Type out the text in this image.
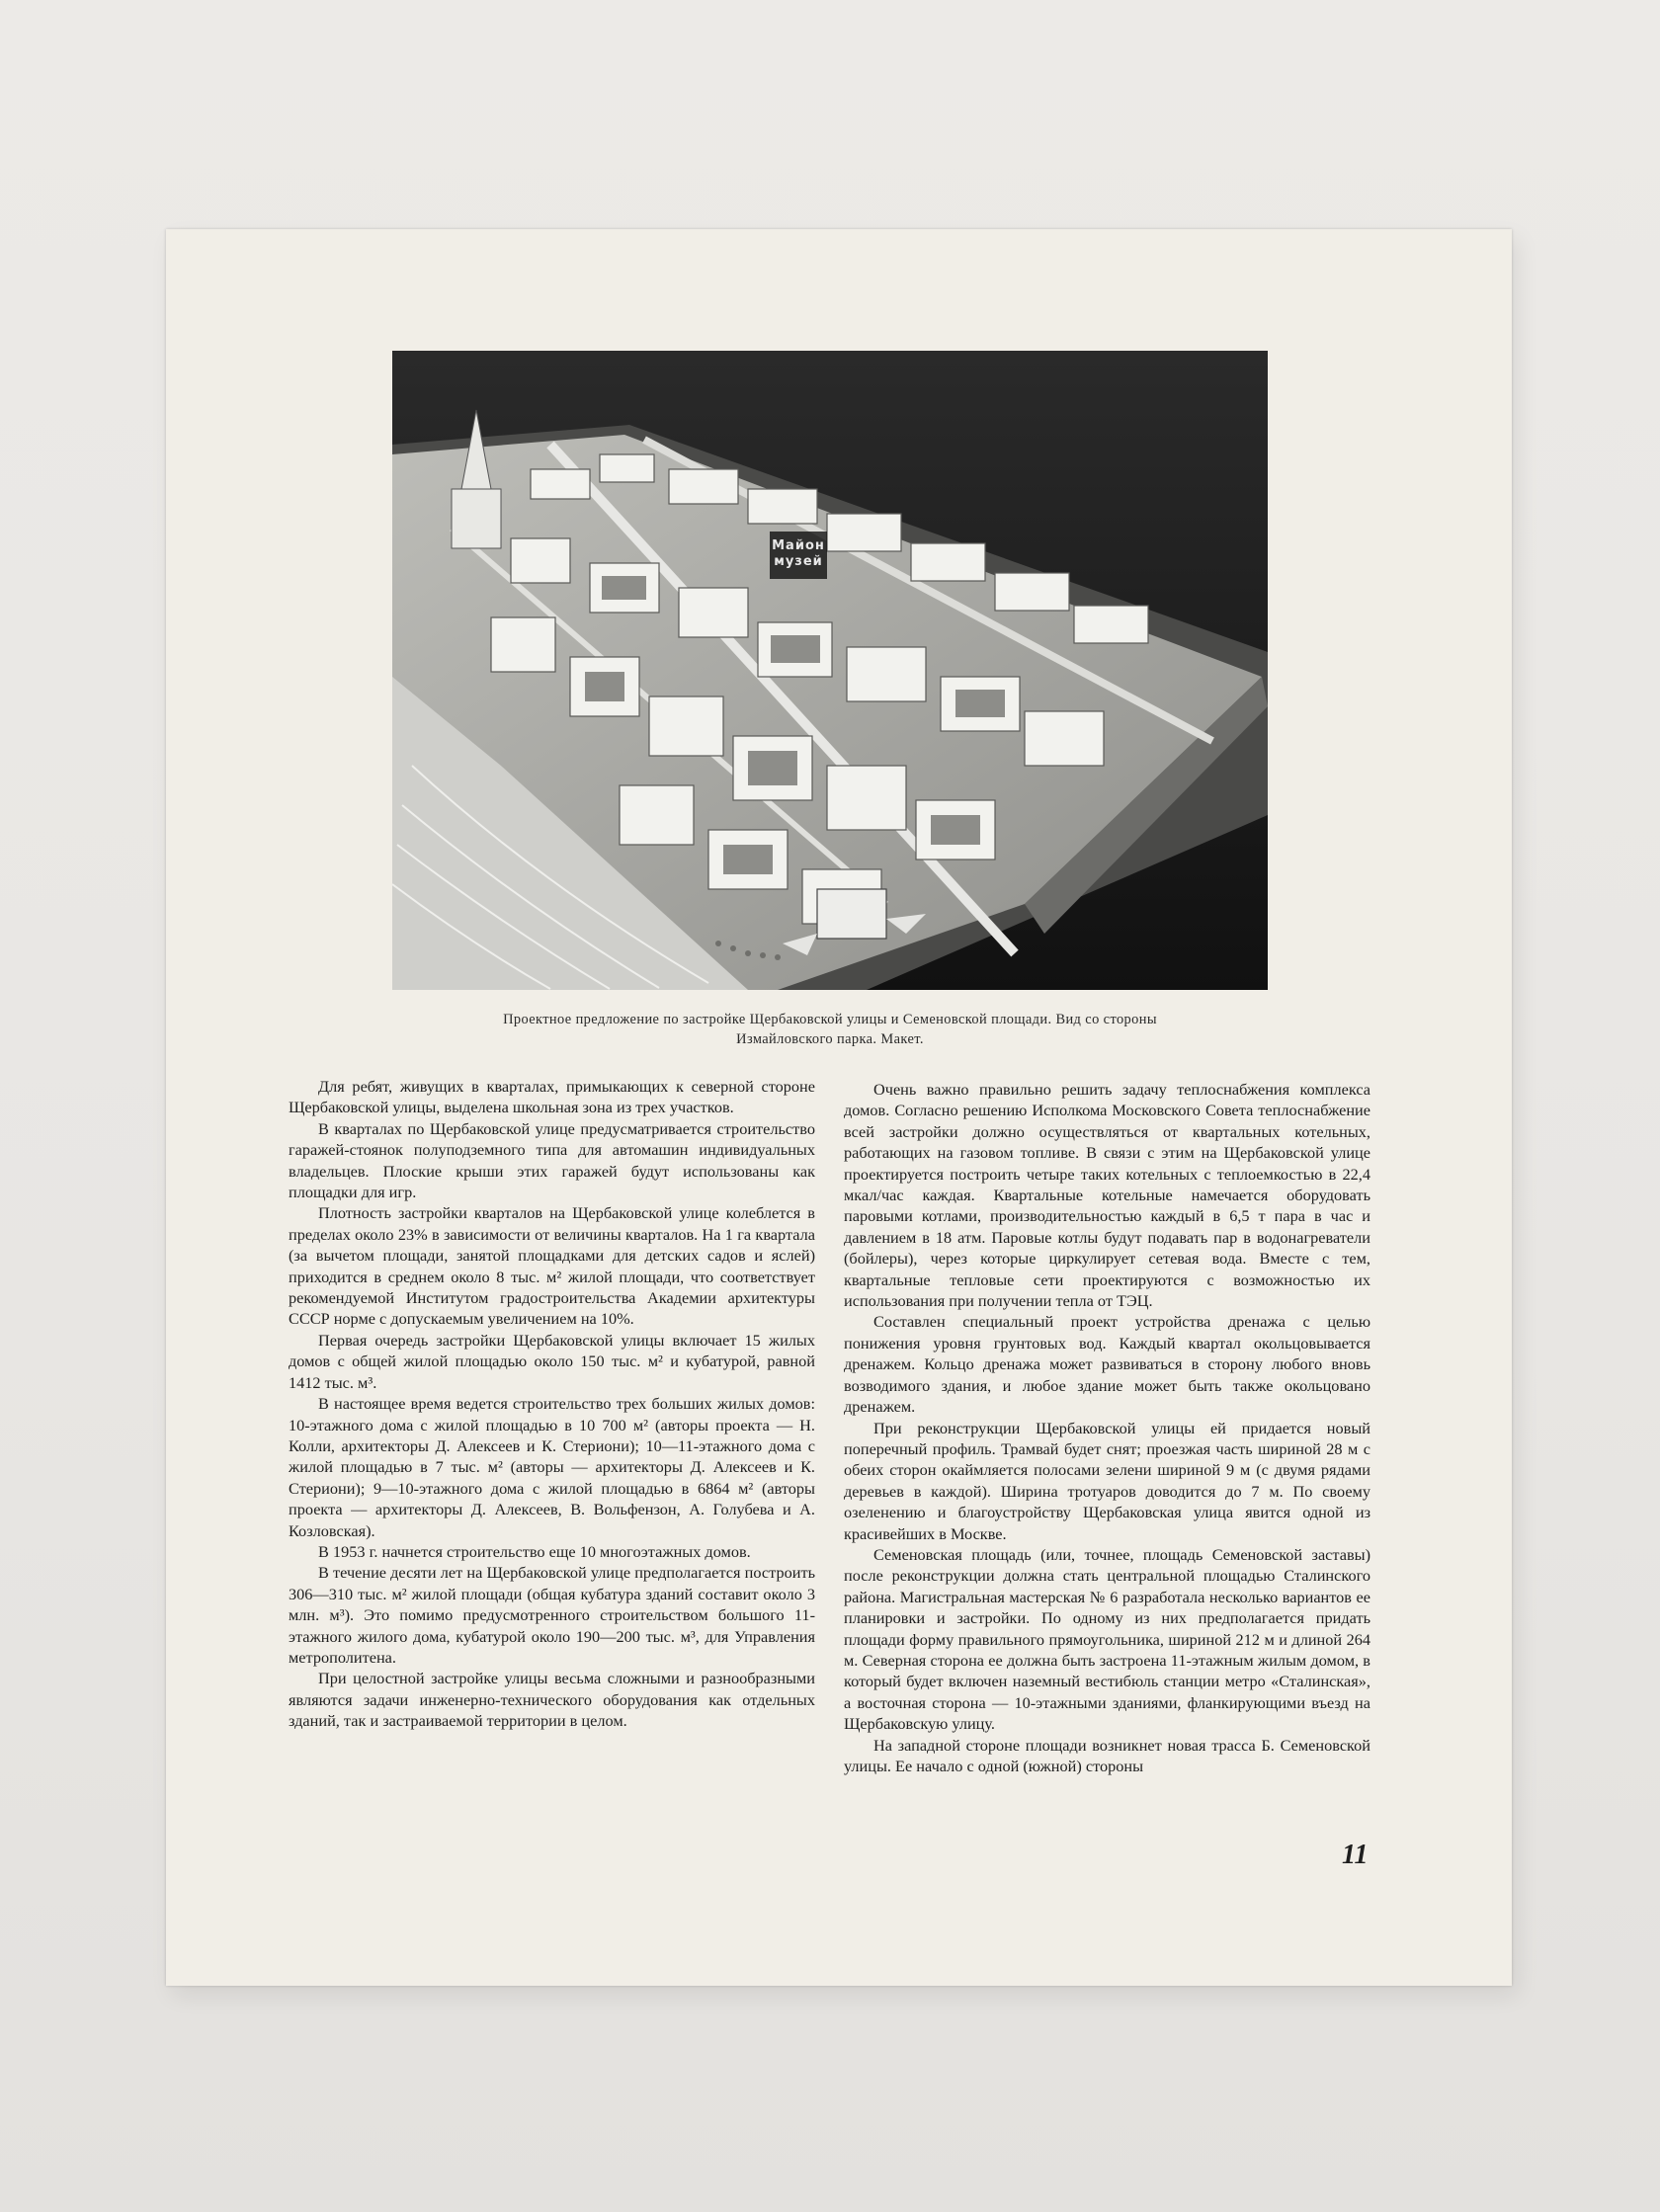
Майон
музей
Проектное предложение по застройке Щербаковской улицы и Семеновской площади. Вид со стороны
Измайловского парка. Макет.

Для ребят, живущих в кварталах, примыкающих к северной стороне Щербаковской улицы, выделена школьная зона из трех участков.

В кварталах по Щербаковской улице предусматривается строительство гаражей-стоянок полуподземного типа для автомашин индивидуальных владельцев. Плоские крыши этих гаражей будут использованы как площадки для игр.

Плотность застройки кварталов на Щербаковской улице колеблется в пределах около 23% в зависимости от величины кварталов. На 1 га квартала (за вычетом площади, занятой площадками для детских садов и яслей) приходится в среднем около 8 тыс. м² жилой площади, что соответствует рекомендуемой Институтом градостроительства Академии архитектуры СССР норме с допускаемым увеличением на 10%.

Первая очередь застройки Щербаковской улицы включает 15 жилых домов с общей жилой площадью около 150 тыс. м² и кубатурой, равной 1412 тыс. м³.

В настоящее время ведется строительство трех больших жилых домов: 10-этажного дома с жилой площадью в 10 700 м² (авторы проекта — Н. Колли, архитекторы Д. Алексеев и К. Стериони); 10—11-этажного дома с жилой площадью в 7 тыс. м² (авторы — архитекторы Д. Алексеев и К. Стериони); 9—10-этажного дома с жилой площадью в 6864 м² (авторы проекта — архитекторы Д. Алексеев, В. Вольфензон, А. Голубева и А. Козловская).

В 1953 г. начнется строительство еще 10 многоэтажных домов.

В течение десяти лет на Щербаковской улице предполагается построить 306—310 тыс. м² жилой площади (общая кубатура зданий составит около 3 млн. м³). Это помимо предусмотренного строительством большого 11-этажного жилого дома, кубатурой около 190—200 тыс. м³, для Управления метрополитена.

При целостной застройке улицы весьма сложными и разнообразными являются задачи инженерно-технического оборудования как отдельных зданий, так и застраиваемой территории в целом.

Очень важно правильно решить задачу теплоснабжения комплекса домов. Согласно решению Исполкома Московского Совета теплоснабжение всей застройки должно осуществляться от квартальных котельных, работающих на газовом топливе. В связи с этим на Щербаковской улице проектируется построить четыре таких котельных с теплоемкостью в 22,4 мкал/час каждая. Квартальные котельные намечается оборудовать паровыми котлами, производительностью каждый в 6,5 т пара в час и давлением в 18 атм. Паровые котлы будут подавать пар в водонагреватели (бойлеры), через которые циркулирует сетевая вода. Вместе с тем, квартальные тепловые сети проектируются с возможностью их использования при получении тепла от ТЭЦ.

Составлен специальный проект устройства дренажа с целью понижения уровня грунтовых вод. Каждый квартал окольцовывается дренажем. Кольцо дренажа может развиваться в сторону любого вновь возводимого здания, и любое здание может быть также окольцовано дренажем.

При реконструкции Щербаковской улицы ей придается новый поперечный профиль. Трамвай будет снят; проезжая часть шириной 28 м с обеих сторон окаймляется полосами зелени шириной 9 м (с двумя рядами деревьев в каждой). Ширина тротуаров доводится до 7 м. По своему озеленению и благоустройству Щербаковская улица явится одной из красивейших в Москве.

Семеновская площадь (или, точнее, площадь Семеновской заставы) после реконструкции должна стать центральной площадью Сталинского района. Магистральная мастерская № 6 разработала несколько вариантов ее планировки и застройки. По одному из них предполагается придать площади форму правильного прямоугольника, шириной 212 м и длиной 264 м. Северная сторона ее должна быть застроена 11-этажным жилым домом, в который будет включен наземный вестибюль станции метро «Сталинская», а восточная сторона — 10-этажными зданиями, фланкирующими въезд на Щербаковскую улицу.

На западной стороне площади возникнет новая трасса Б. Семеновской улицы. Ее начало с одной (южной) стороны

11
